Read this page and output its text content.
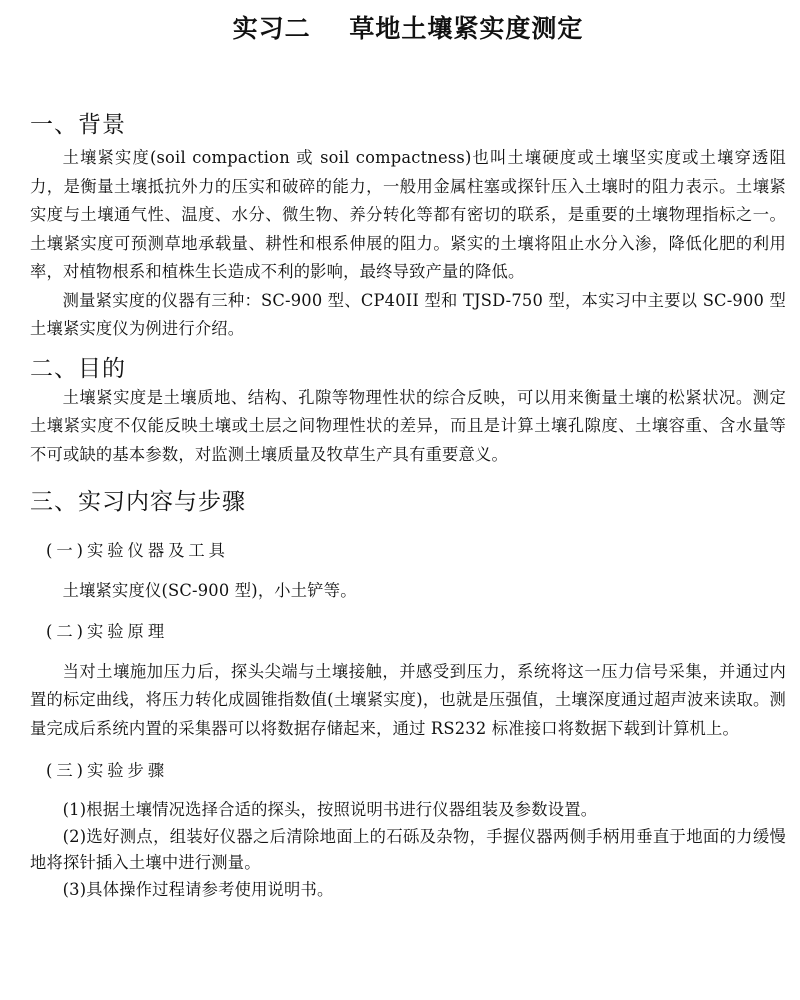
实习二    草地土壤紧实度测定
一、背景

土壤紧实度(soil compaction 或 soil compactness)也叫土壤硬度或土壤坚实度或土壤穿透阻力，是衡量土壤抵抗外力的压实和破碎的能力，一般用金属柱塞或探针压入土壤时的阻力表示。土壤紧实度与土壤通气性、温度、水分、微生物、养分转化等都有密切的联系，是重要的土壤物理指标之一。土壤紧实度可预测草地承载量、耕性和根系伸展的阻力。紧实的土壤将阻止水分入渗，降低化肥的利用率，对植物根系和植株生长造成不利的影响，最终导致产量的降低。

测量紧实度的仪器有三种：SC-900 型、CP40II 型和 TJSD-750 型，本实习中主要以 SC-900 型土壤紧实度仪为例进行介绍。

二、目的

土壤紧实度是土壤质地、结构、孔隙等物理性状的综合反映，可以用来衡量土壤的松紧状况。测定土壤紧实度不仅能反映土壤或土层之间物理性状的差异，而且是计算土壤孔隙度、土壤容重、含水量等不可或缺的基本参数，对监测土壤质量及牧草生产具有重要意义。

三、实习内容与步骤

(一)实验仪器及工具

土壤紧实度仪(SC-900 型)，小土铲等。

(二)实验原理

当对土壤施加压力后，探头尖端与土壤接触，并感受到压力，系统将这一压力信号采集，并通过内置的标定曲线，将压力转化成圆锥指数值(土壤紧实度)，也就是压强值，土壤深度通过超声波来读取。测量完成后系统内置的采集器可以将数据存储起来，通过 RS232 标准接口将数据下载到计算机上。

(三)实验步骤

(1)根据土壤情况选择合适的探头，按照说明书进行仪器组装及参数设置。

(2)选好测点，组装好仪器之后清除地面上的石砾及杂物，手握仪器两侧手柄用垂直于地面的力缓慢地将探针插入土壤中进行测量。

(3)具体操作过程请参考使用说明书。
